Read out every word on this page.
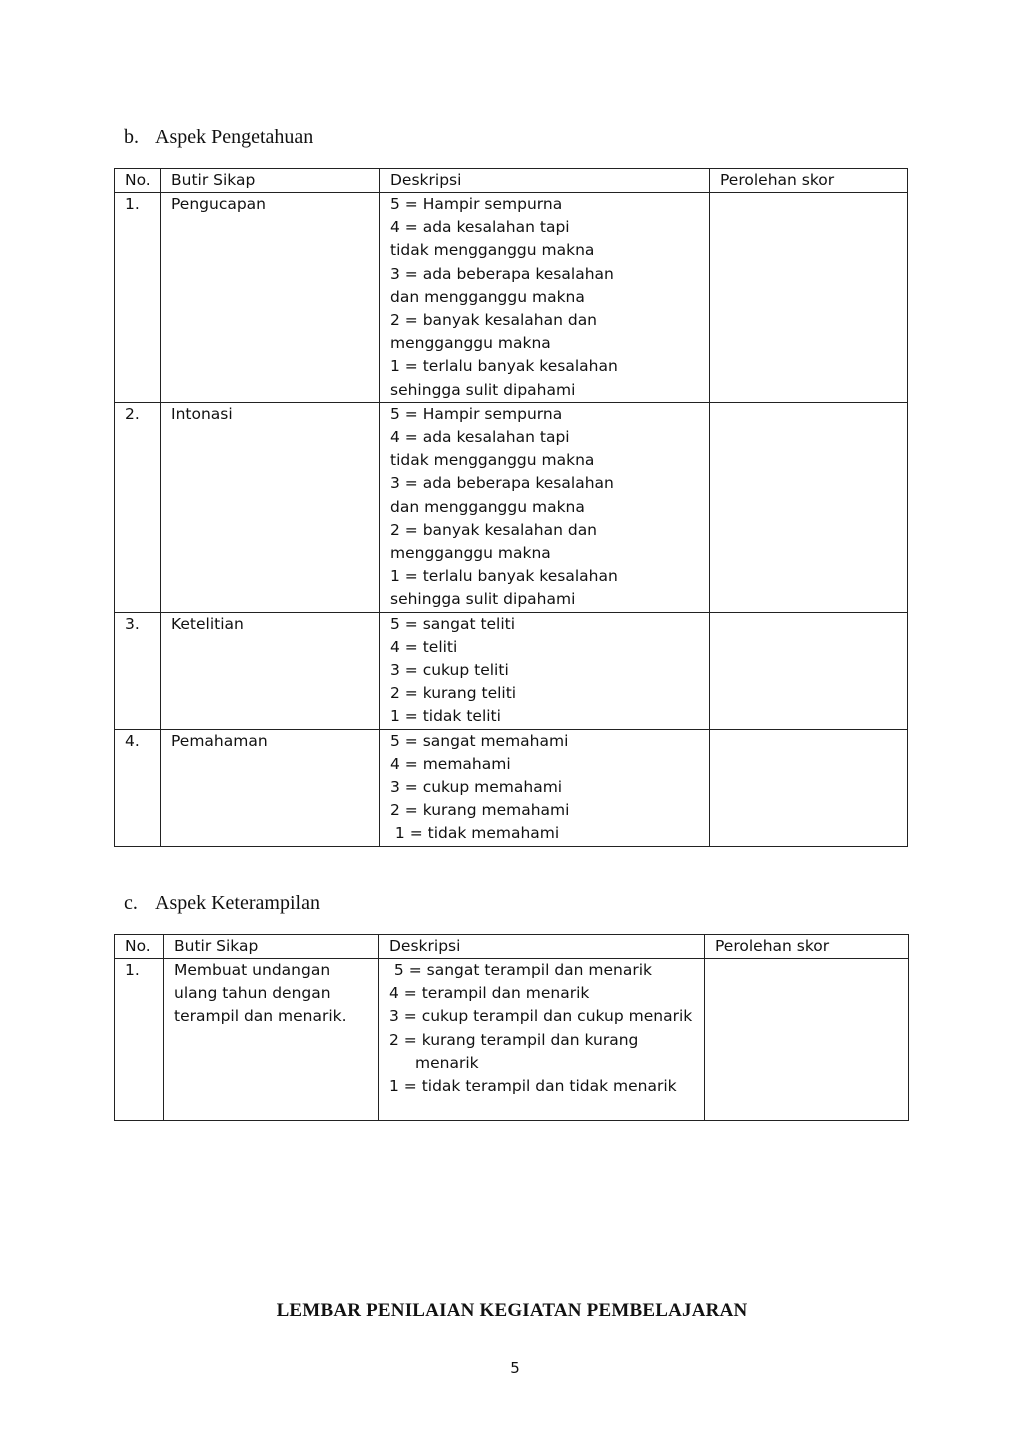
b. Aspek Pengetahuan
No.	Butir Sikap	Deskripsi	Perolehan skor
1.	Pengucapan	5 = Hampir sempurna
4 = ada kesalahan tapi tidak mengganggu makna
3 = ada beberapa kesalahan dan mengganggu makna
2 = banyak kesalahan dan mengganggu makna
1 = terlalu banyak kesalahan sehingga sulit dipahami	

2.	Intonasi	5 = Hampir sempurna
4 = ada kesalahan tapi tidak mengganggu makna
3 = ada beberapa kesalahan dan mengganggu makna
2 = banyak kesalahan dan mengganggu makna
1 = terlalu banyak kesalahan sehingga sulit dipahami	

3.	Ketelitian	5 = sangat teliti
4 = teliti
3 = cukup teliti
2 = kurang teliti
1 = tidak teliti	

4.	Pemahaman	5 = sangat memahami
4 = memahami
3 = cukup memahami
2 = kurang memahami
1 = tidak memahami	

c. Aspek Keterampilan
No.	Butir Sikap	Deskripsi	Perolehan skor
1.	Membuat undangan ulang tahun dengan terampil dan menarik.	5 = sangat terampil dan menarik
4 = terampil dan menarik
3 = cukup terampil dan cukup menarik
2 = kurang terampil dan kurang menarik
1 = tidak terampil dan tidak menarik	

LEMBAR PENILAIAN KEGIATAN PEMBELAJARAN
5
